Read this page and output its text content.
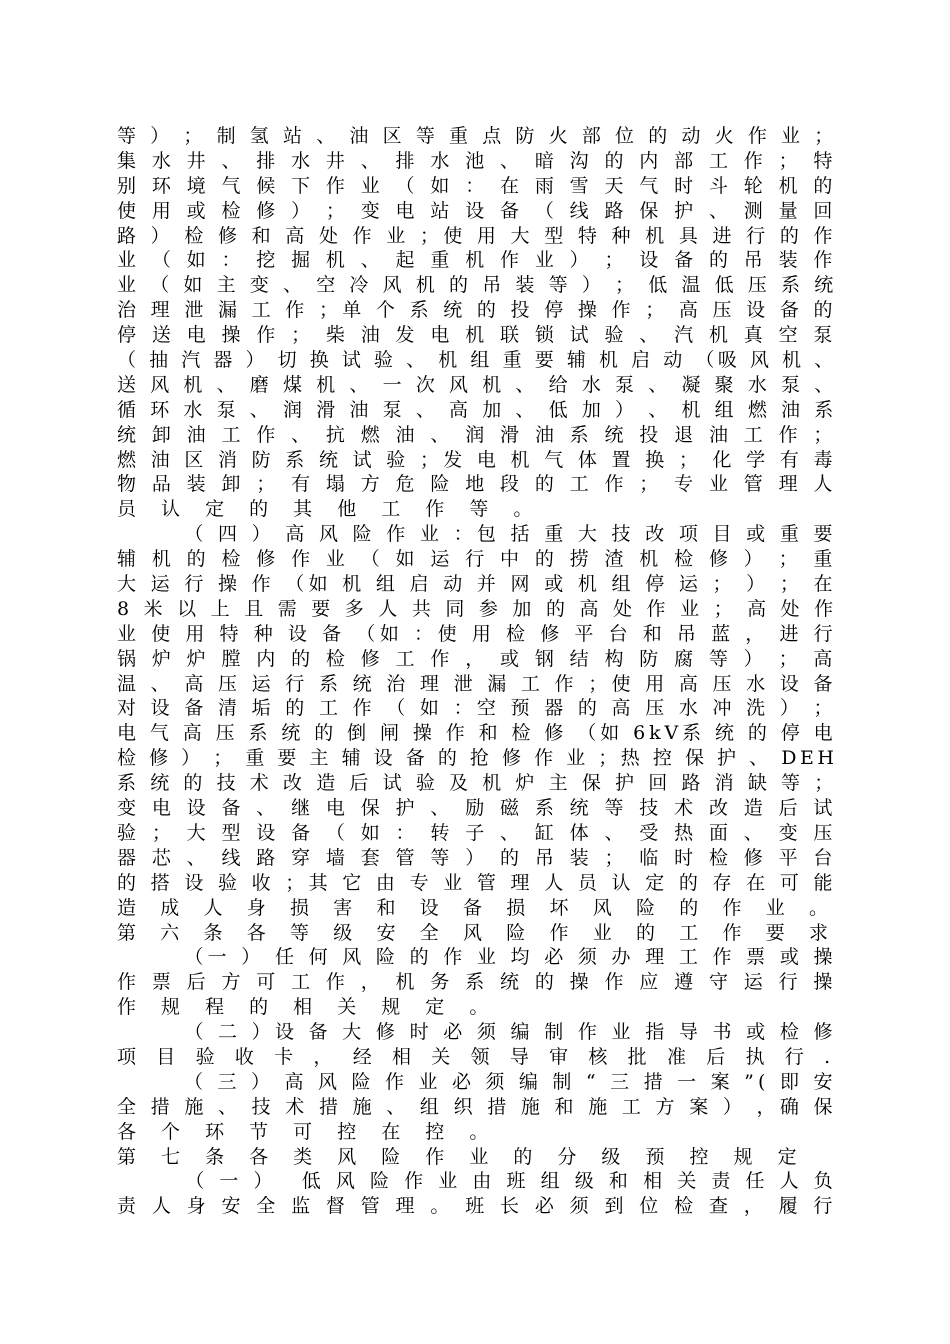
等 ） ； 制 氢 站 、 油 区 等 重 点 防 火 部 位 的 动 火 作 业 ；
集 水 井 、 排 水 井 、 排 水 池 、 暗 沟 的 内 部 工 作 ； 特
别 环 境 气 候 下 作 业 （ 如 ： 在 雨 雪 天 气 时 斗 轮 机 的
使 用 或 检 修 ） ； 变 电 站 设 备 （ 线 路 保 护 、 测 量 回
路 ） 检 修 和 高 处 作 业 ；使 用 大 型 特 种 机 具 进 行 的 作
业 （ 如 ： 挖 掘 机 、 起 重 机 作 业 ） ； 设 备 的 吊 装 作
业 （ 如 主 变 、 空 冷 风 机 的 吊 装 等 ） ； 低 温 低 压 系 统
治 理 泄 漏 工 作 ；单 个 系 统 的 投 停 操 作 ； 高 压 设 备 的
停 送 电 操 作 ； 柴 油 发 电 机 联 锁 试 验 、 汽 机 真 空 泵
（ 抽 汽 器 ） 切 换 试 验 、 机 组 重 要 辅 机 启 动 （吸 风 机 、
送 风 机 、 磨 煤 机 、 一 次 风 机 、 给 水 泵 、 凝 聚 水 泵 、
循 环 水 泵 、 润 滑 油 泵 、 高 加 、 低 加 ） 、 机 组 燃 油 系
统 卸 油 工 作 、 抗 燃 油 、 润 滑 油 系 统 投 退 油 工 作 ；
燃 油 区 消 防 系 统 试 验 ；发 电 机 气 体 置 换 ； 化 学 有 毒
物 品 装 卸 ； 有 塌 方 危 险 地 段 的 工 作 ； 专 业 管 理 人
员 认 定 的 其 他 工 作 等 。
　 　 （ 四 ） 高 风 险 作 业 ：包 括 重 大 技 改 项 目 或 重 要
辅 机 的 检 修 作 业 （ 如 运 行 中 的 捞 渣 机 检 修 ） ； 重
大 运 行 操 作 （如 机 组 启 动 并 网 或 机 组 停 运 ； ） ； 在
8 米 以 上 且 需 要 多 人 共 同 参 加 的 高 处 作 业 ； 高 处 作
业 使 用 特 种 设 备 （如 ：使 用 检 修 平 台 和 吊 蓝 ， 进 行
锅 炉 炉 膛 内 的 检 修 工 作 ， 或 钢 结 构 防 腐 等 ） ； 高
温 、 高 压 运 行 系 统 治 理 泄 漏 工 作 ；使 用 高 压 水 设 备
对 设 备 清 垢 的 工 作 （ 如 ：空 预 器 的 高 压 水 冲 洗 ） ；
电 气 高 压 系 统 的 倒 闸 操 作 和 检 修 （如 6kV系 统 的 停 电
检 修 ） ； 重 要 主 辅 设 备 的 抢 修 作 业 ；热 控 保 护 、 DEH
系 统 的 技 术 改 造 后 试 验 及 机 炉 主 保 护 回 路 消 缺 等 ；
变 电 设 备 、 继 电 保 护 、 励 磁 系 统 等 技 术 改 造 后 试
验 ； 大 型 设 备 （ 如 ： 转 子 、 缸 体 、 受 热 面 、 变 压
器 芯 、 线 路 穿 墙 套 管 等 ） 的 吊 装 ； 临 时 检 修 平 台
的 搭 设 验 收 ；其 它 由 专 业 管 理 人 员 认 定 的 存 在 可 能
造 成 人 身 损 害 和 设 备 损 坏 风 险 的 作 业 。
第 六 条 各 等 级 安 全 风 险 作 业 的 工 作 要 求
　 　 （一 ） 任 何 风 险 的 作 业 均 必 须 办 理 工 作 票 或 操
作 票 后 方 可 工 作 ， 机 务 系 统 的 操 作 应 遵 守 运 行 操
作 规 程 的 相 关 规 定 。
　 　 （ 二 ）设 备 大 修 时 必 须 编 制 作 业 指 导 书 或 检 修
项 目 验 收 卡 ， 经 相 关 领 导 审 核 批 准 后 执 行 .
　 　 （ 三 ） 高 风 险 作 业 必 须 编 制 “ 三 措 一 案 ”( 即 安
全 措 施 、 技 术 措 施 、 组 织 措 施 和 施 工 方 案 ） ，确 保
各 个 环 节 可 控 在 控 。
第 七 条 各 类 风 险 作 业 的 分 级 预 控 规 定
　 　 （ 一 ）　 低 风 险 作 业 由 班 组 级 和 相 关 责 任 人 负
责 人 身 安 全 监 督 管 理 。 班 长 必 须 到 位 检 查 ， 履 行
